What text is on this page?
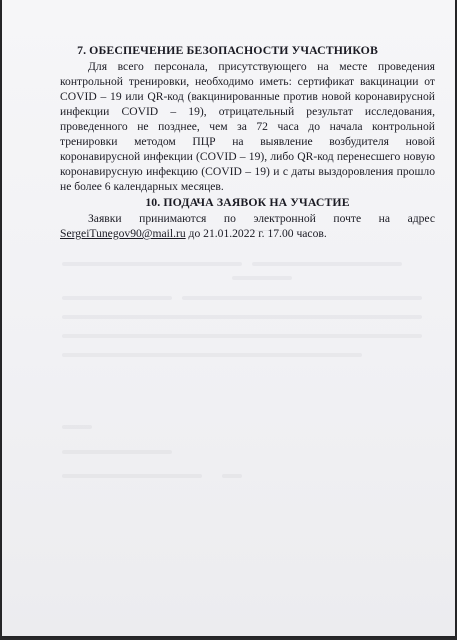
7. ОБЕСПЕЧЕНИЕ БЕЗОПАСНОСТИ УЧАСТНИКОВ

Для всего персонала, присутствующего на месте проведения контрольной тренировки, необходимо иметь: сертификат вакцинации от COVID – 19 или QR-код (вакцинированные против новой коронавирусной инфекции COVID – 19), отрицательный результат исследования, проведенного не позднее, чем за 72 часа до начала контрольной тренировки методом ПЦР на выявление возбудителя новой коронавирусной инфекции (COVID – 19), либо QR-код перенесшего новую коронавирусную инфекцию (COVID – 19) и с даты выздоровления прошло не более 6 календарных месяцев.

10. ПОДАЧА ЗАЯВОК НА УЧАСТИЕ

Заявки принимаются по электронной почте на адрес

SergeiTunegov90@mail.ru до 21.01.2022 г. 17.00 часов.
